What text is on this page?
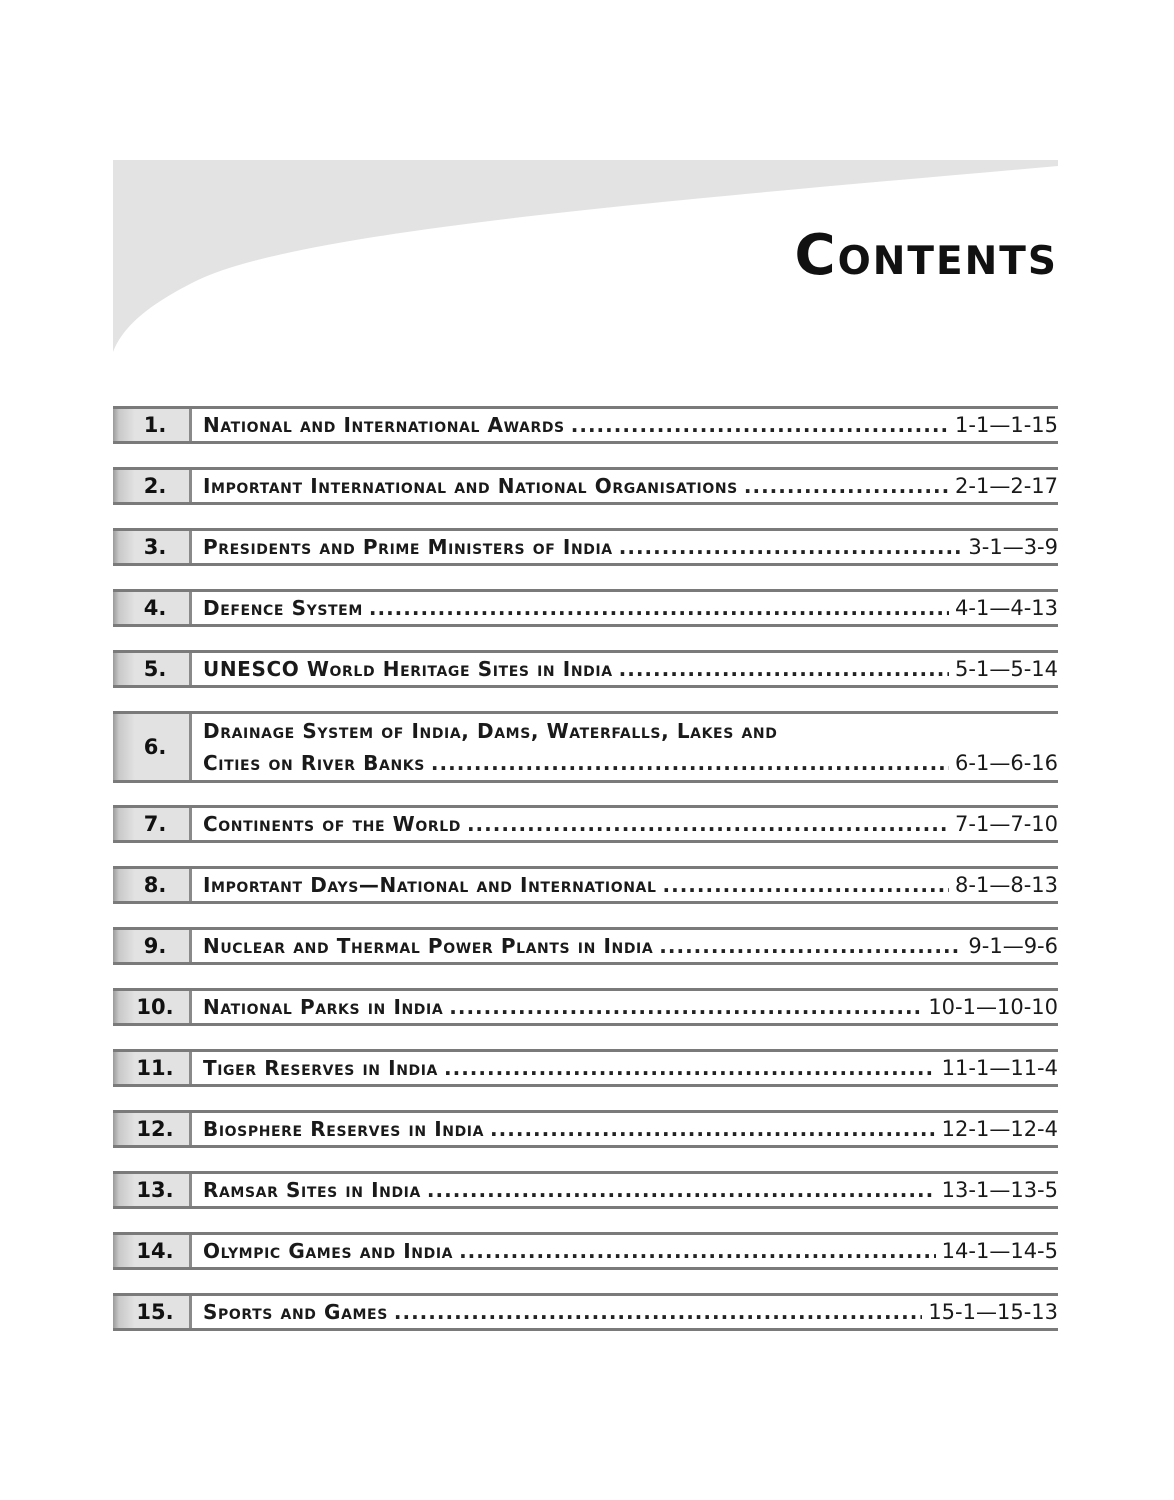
Contents
1. National and International Awards .....	1-1—1-15
2. Important International and National Organisations .....	2-1—2-17
3. Presidents and Prime Ministers of India .....	3-1—3-9
4. Defence System .....	4-1—4-13
5. UNESCO World Heritage Sites in India .....	5-1—5-14
6.
Drainage System of India, Dams, Waterfalls, Lakes and
Cities on River Banks .....	6-1—6-16
7. Continents of the World .....	7-1—7-10
8. Important Days—National and International .....	8-1—8-13
9. Nuclear and Thermal Power Plants in India .....	9-1—9-6
10. National Parks in India .....	10-1—10-10
11. Tiger Reserves in India .....	11-1—11-4
12. Biosphere Reserves in India .....	12-1—12-4
13. Ramsar Sites in India .....	13-1—13-5
14. Olympic Games and India .....	14-1—14-5
15. Sports and Games .....	15-1—15-13
